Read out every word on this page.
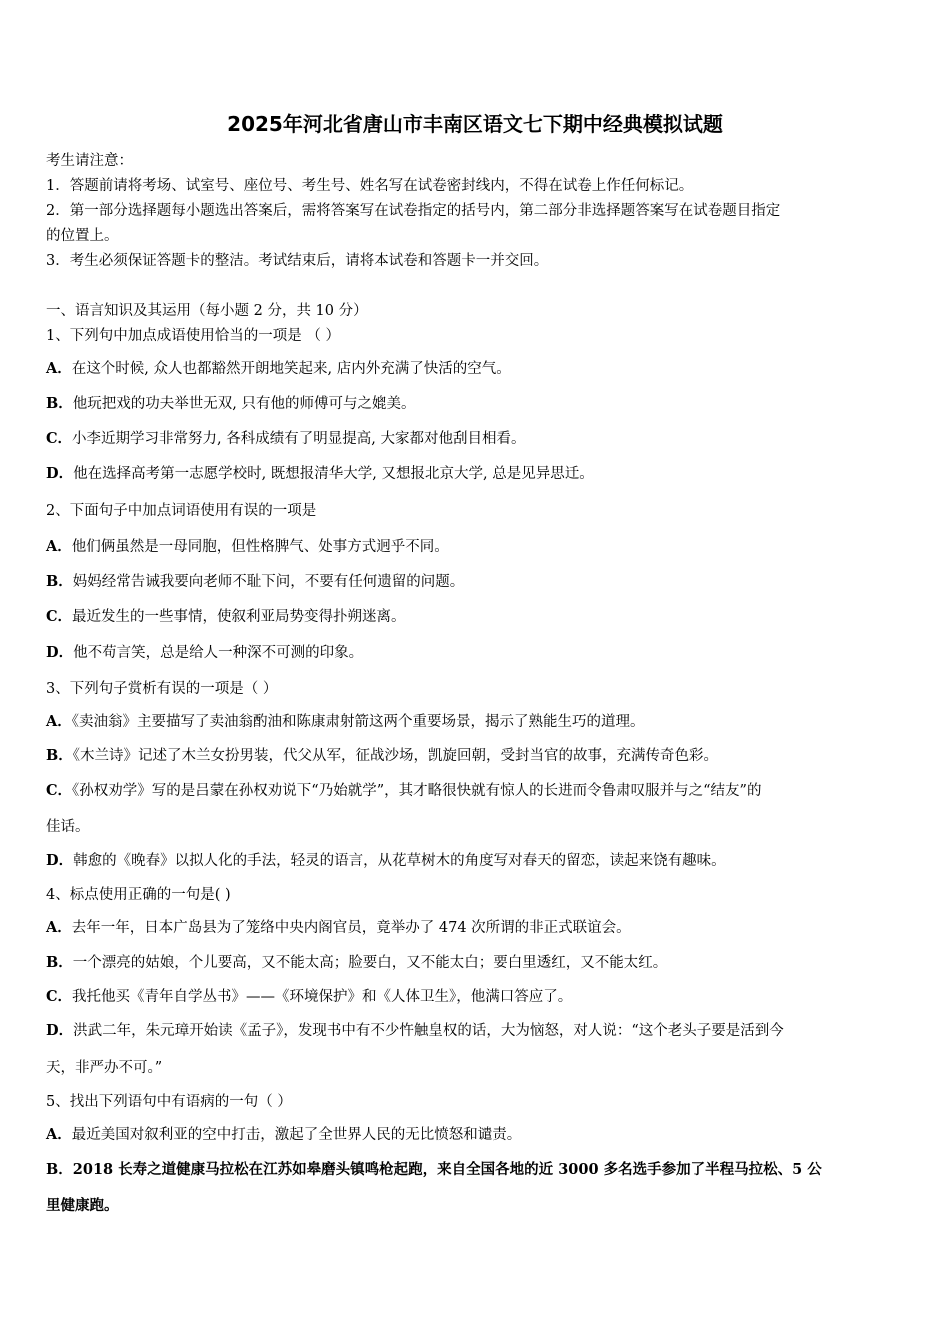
2025年河北省唐山市丰南区语文七下期中经典模拟试题
考生请注意：
1．答题前请将考场、试室号、座位号、考生号、姓名写在试卷密封线内，不得在试卷上作任何标记。
2．第一部分选择题每小题选出答案后，需将答案写在试卷指定的括号内，第二部分非选择题答案写在试卷题目指定
的位置上。
3．考生必须保证答题卡的整洁。考试结束后，请将本试卷和答题卡一并交回。
一、语言知识及其运用（每小题 2 分，共 10 分）
1、下列句中加点成语使用恰当的一项是 （ ）
A．在这个时候, 众人也都豁然开朗地笑起来, 店内外充满了快活的空气。
B．他玩把戏的功夫举世无双, 只有他的师傅可与之媲美。
C．小李近期学习非常努力, 各科成绩有了明显提高, 大家都对他刮目相看。
D．他在选择高考第一志愿学校时, 既想报清华大学, 又想报北京大学, 总是见异思迁。
2、下面句子中加点词语使用有误的一项是
A．他们俩虽然是一母同胞，但性格脾气、处事方式迥乎不同。
B．妈妈经常告诫我要向老师不耻下问，不要有任何遗留的问题。
C．最近发生的一些事情，使叙利亚局势变得扑朔迷离。
D．他不苟言笑，总是给人一种深不可测的印象。
3、下列句子赏析有误的一项是（ ）
A．《卖油翁》主要描写了卖油翁酌油和陈康肃射箭这两个重要场景，揭示了熟能生巧的道理。
B．《木兰诗》记述了木兰女扮男装，代父从军，征战沙场，凯旋回朝，受封当官的故事，充满传奇色彩。
C．《孙权劝学》写的是吕蒙在孙权劝说下“乃始就学”，其才略很快就有惊人的长进而令鲁肃叹服并与之“结友”的
佳话。
D．韩愈的《晚春》以拟人化的手法，轻灵的语言，从花草树木的角度写对春天的留恋，读起来饶有趣味。
4、标点使用正确的一句是( )
A．去年一年，日本广岛县为了笼络中央内阁官员，竟举办了 474 次所谓的非正式联谊会。
B．一个漂亮的姑娘，个儿要高，又不能太高；脸要白，又不能太白；要白里透红，又不能太红。
C．我托他买《青年自学丛书》——《环境保护》和《人体卫生》，他满口答应了。
D．洪武二年，朱元璋开始读《孟子》，发现书中有不少忤触皇权的话，大为恼怒，对人说：“这个老头子要是活到今
天，非严办不可。”
5、找出下列语句中有语病的一句（ ）
A．最近美国对叙利亚的空中打击，激起了全世界人民的无比愤怒和谴责。
B．2018 长寿之道健康马拉松在江苏如皋磨头镇鸣枪起跑，来自全国各地的近 3000 多名选手参加了半程马拉松、5 公
里健康跑。
